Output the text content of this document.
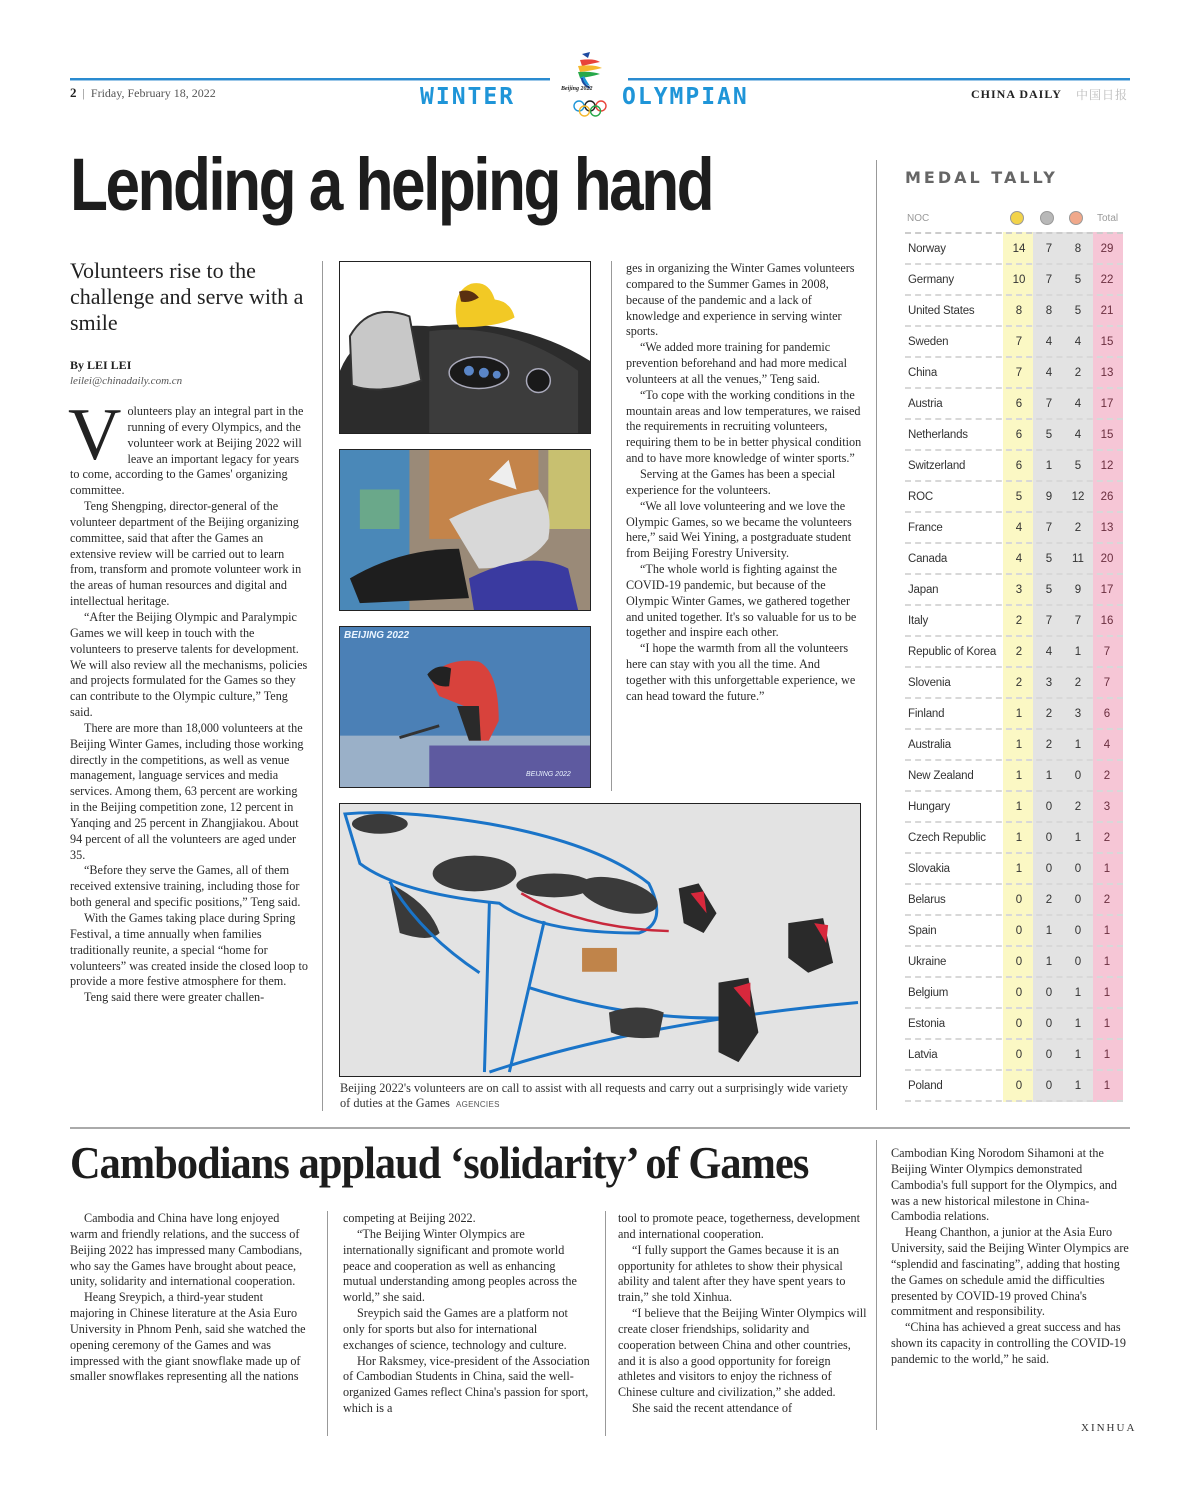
2 | Friday, February 18, 2022	WINTER	Beijing 2022 OLYMPIAN	CHINA DAILY 中国日报
Lending a helping hand
Volunteers rise to the challenge and serve with a smile
By LEI LEI
leilei@chinadaily.com.cn

Volunteers play an integral part in the running of every Olympics, and the volunteer work at Beijing 2022 will leave an important legacy for years to come, according to the Games' organizing committee.

Teng Shengping, director-general of the volunteer department of the Beijing organizing committee, said that after the Games an extensive review will be carried out to learn from, transform and promote volunteer work in the areas of human resources and digital and intellectual heritage.

“After the Beijing Olympic and Paralympic Games we will keep in touch with the volunteers to preserve talents for development. We will also review all the mechanisms, policies and projects formulated for the Games so they can contribute to the Olympic culture,” Teng said.

There are more than 18,000 volunteers at the Beijing Winter Games, including those working directly in the competitions, as well as venue management, language services and media services. Among them, 63 percent are working in the Beijing competition zone, 12 percent in Yanqing and 25 percent in Zhangjiakou. About 94 percent of all the volunteers are aged under 35.

“Before they serve the Games, all of them received extensive training, including those for both general and specific positions,” Teng said.

With the Games taking place during Spring Festival, a time annually when families traditionally reunite, a special “home for volunteers” was created inside the closed loop to provide a more festive atmosphere for them.

Teng said there were greater challen-

BEIJING 2022
BEIJING 2022
Beijing 2022's volunteers are on call to assist with all requests and carry out a surprisingly wide variety of duties at the Games AGENCIES

ges in organizing the Winter Games volunteers compared to the Summer Games in 2008, because of the pandemic and a lack of knowledge and experience in serving winter sports.

“We added more training for pandemic prevention beforehand and had more medical volunteers at all the venues,” Teng said.

“To cope with the working conditions in the mountain areas and low temperatures, we raised the requirements in recruiting volunteers, requiring them to be in better physical condition and to have more knowledge of winter sports.”

Serving at the Games has been a special experience for the volunteers.

“We all love volunteering and we love the Olympic Games, so we became the volunteers here,” said Wei Yining, a postgraduate student from Beijing Forestry University.

“The whole world is fighting against the COVID-19 pandemic, but because of the Olympic Winter Games, we gathered together and united together. It's so valuable for us to be together and inspire each other.

“I hope the warmth from all the volunteers here can stay with you all the time. And together with this unforgettable experience, we can head toward the future.”

MEDAL TALLY
NOC	Total
Norway	14	7	8	29
Germany	10	7	5	22
United States	8	8	5	21
Sweden	7	4	4	15
China	7	4	2	13
Austria	6	7	4	17
Netherlands	6	5	4	15
Switzerland	6	1	5	12
ROC	5	9	12	26
France	4	7	2	13
Canada	4	5	11	20
Japan	3	5	9	17
Italy	2	7	7	16
Republic of Korea	2	4	1	7
Slovenia	2	3	2	7
Finland	1	2	3	6
Australia	1	2	1	4
New Zealand	1	1	0	2
Hungary	1	0	2	3
Czech Republic	1	0	1	2
Slovakia	1	0	0	1
Belarus	0	2	0	2
Spain	0	1	0	1
Ukraine	0	1	0	1
Belgium	0	0	1	1
Estonia	0	0	1	1
Latvia	0	0	1	1
Poland	0	0	1	1
Cambodians applaud ‘solidarity’ of Games

Cambodia and China have long enjoyed warm and friendly relations, and the success of Beijing 2022 has impressed many Cambodians, who say the Games have brought about peace, unity, solidarity and international cooperation.

Heang Sreypich, a third-year student majoring in Chinese literature at the Asia Euro University in Phnom Penh, said she watched the opening ceremony of the Games and was impressed with the giant snowflake made up of smaller snowflakes representing all the nations

competing at Beijing 2022.

“The Beijing Winter Olympics are internationally significant and promote world peace and cooperation as well as enhancing mutual understanding among peoples across the world,” she said.

Sreypich said the Games are a platform not only for sports but also for international exchanges of science, technology and culture.

Hor Raksmey, vice-president of the Association of Cambodian Students in China, said the well-organized Games reflect China's passion for sport, which is a

tool to promote peace, togetherness, development and international cooperation.

“I fully support the Games because it is an opportunity for athletes to show their physical ability and talent after they have spent years to train,” she told Xinhua.

“I believe that the Beijing Winter Olympics will create closer friendships, solidarity and cooperation between China and other countries, and it is also a good opportunity for foreign athletes and visitors to enjoy the richness of Chinese culture and civilization,” she added.

She said the recent attendance of

Cambodian King Norodom Sihamoni at the Beijing Winter Olympics demonstrated Cambodia's full support for the Olympics, and was a new historical milestone in China-Cambodia relations.

Heang Chanthon, a junior at the Asia Euro University, said the Beijing Winter Olympics are “splendid and fascinating”, adding that hosting the Games on schedule amid the difficulties presented by COVID-19 proved China's commitment and responsibility.

“China has achieved a great success and has shown its capacity in controlling the COVID-19 pandemic to the world,” he said.

XINHUA
